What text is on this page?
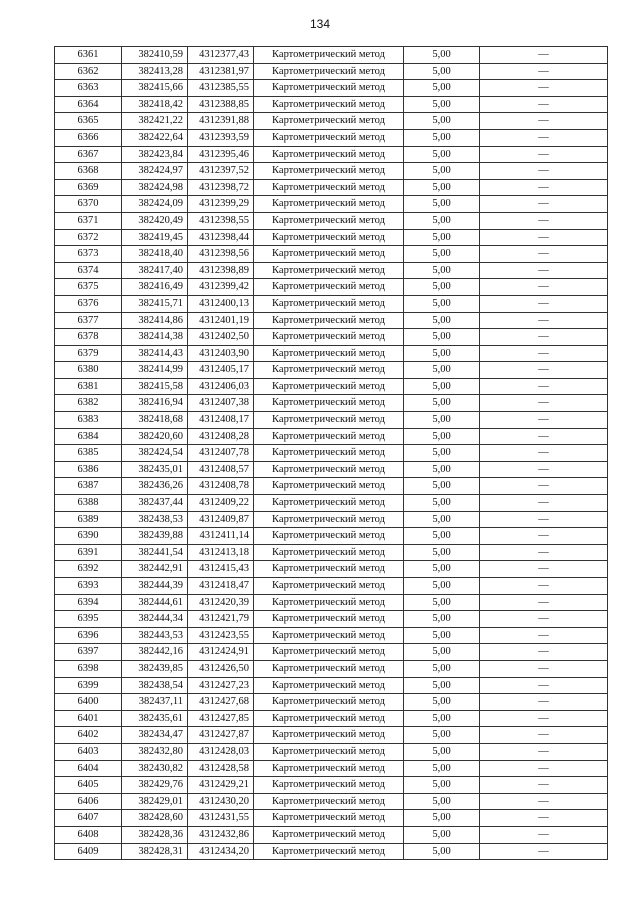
134
6361	382410,59	4312377,43	Картометрический метод	5,00	—
6362	382413,28	4312381,97	Картометрический метод	5,00	—
6363	382415,66	4312385,55	Картометрический метод	5,00	—
6364	382418,42	4312388,85	Картометрический метод	5,00	—
6365	382421,22	4312391,88	Картометрический метод	5,00	—
6366	382422,64	4312393,59	Картометрический метод	5,00	—
6367	382423,84	4312395,46	Картометрический метод	5,00	—
6368	382424,97	4312397,52	Картометрический метод	5,00	—
6369	382424,98	4312398,72	Картометрический метод	5,00	—
6370	382424,09	4312399,29	Картометрический метод	5,00	—
6371	382420,49	4312398,55	Картометрический метод	5,00	—
6372	382419,45	4312398,44	Картометрический метод	5,00	—
6373	382418,40	4312398,56	Картометрический метод	5,00	—
6374	382417,40	4312398,89	Картометрический метод	5,00	—
6375	382416,49	4312399,42	Картометрический метод	5,00	—
6376	382415,71	4312400,13	Картометрический метод	5,00	—
6377	382414,86	4312401,19	Картометрический метод	5,00	—
6378	382414,38	4312402,50	Картометрический метод	5,00	—
6379	382414,43	4312403,90	Картометрический метод	5,00	—
6380	382414,99	4312405,17	Картометрический метод	5,00	—
6381	382415,58	4312406,03	Картометрический метод	5,00	—
6382	382416,94	4312407,38	Картометрический метод	5,00	—
6383	382418,68	4312408,17	Картометрический метод	5,00	—
6384	382420,60	4312408,28	Картометрический метод	5,00	—
6385	382424,54	4312407,78	Картометрический метод	5,00	—
6386	382435,01	4312408,57	Картометрический метод	5,00	—
6387	382436,26	4312408,78	Картометрический метод	5,00	—
6388	382437,44	4312409,22	Картометрический метод	5,00	—
6389	382438,53	4312409,87	Картометрический метод	5,00	—
6390	382439,88	4312411,14	Картометрический метод	5,00	—
6391	382441,54	4312413,18	Картометрический метод	5,00	—
6392	382442,91	4312415,43	Картометрический метод	5,00	—
6393	382444,39	4312418,47	Картометрический метод	5,00	—
6394	382444,61	4312420,39	Картометрический метод	5,00	—
6395	382444,34	4312421,79	Картометрический метод	5,00	—
6396	382443,53	4312423,55	Картометрический метод	5,00	—
6397	382442,16	4312424,91	Картометрический метод	5,00	—
6398	382439,85	4312426,50	Картометрический метод	5,00	—
6399	382438,54	4312427,23	Картометрический метод	5,00	—
6400	382437,11	4312427,68	Картометрический метод	5,00	—
6401	382435,61	4312427,85	Картометрический метод	5,00	—
6402	382434,47	4312427,87	Картометрический метод	5,00	—
6403	382432,80	4312428,03	Картометрический метод	5,00	—
6404	382430,82	4312428,58	Картометрический метод	5,00	—
6405	382429,76	4312429,21	Картометрический метод	5,00	—
6406	382429,01	4312430,20	Картометрический метод	5,00	—
6407	382428,60	4312431,55	Картометрический метод	5,00	—
6408	382428,36	4312432,86	Картометрический метод	5,00	—
6409	382428,31	4312434,20	Картометрический метод	5,00	—
